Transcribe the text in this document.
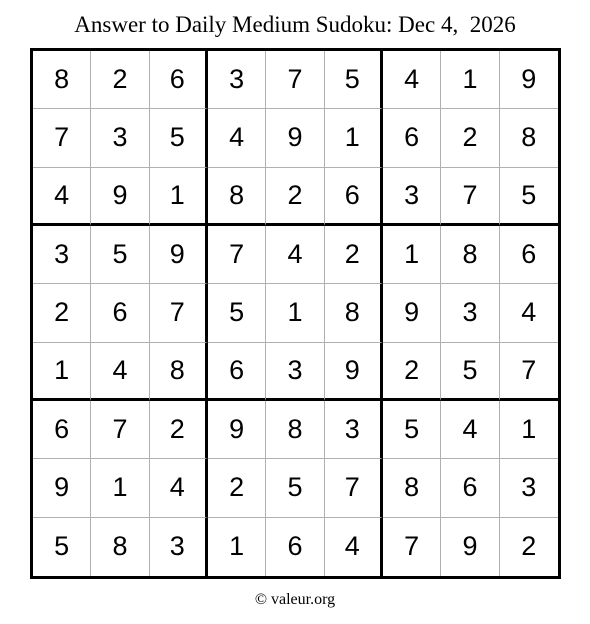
Answer to Daily Medium Sudoku: Dec 4,  2026
8	2	6	3	7	5	4	1	9
7	3	5	4	9	1	6	2	8
4	9	1	8	2	6	3	7	5
3	5	9	7	4	2	1	8	6
2	6	7	5	1	8	9	3	4
1	4	8	6	3	9	2	5	7
6	7	2	9	8	3	5	4	1
9	1	4	2	5	7	8	6	3
5	8	3	1	6	4	7	9	2
© valeur.org
